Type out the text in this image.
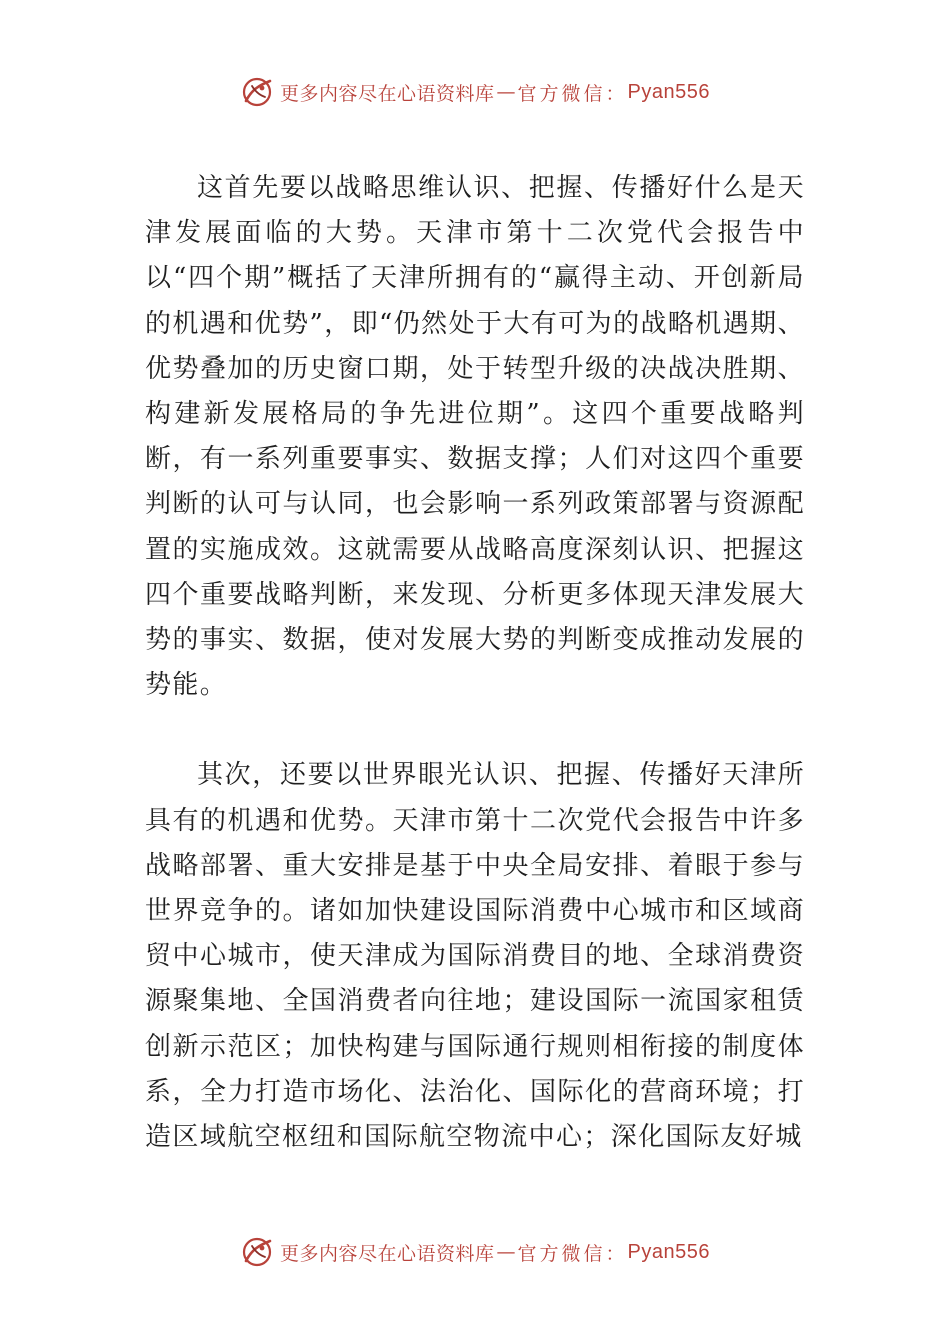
更多内容尽在心语资料库 — 官方微信： Pyan556

这首先要以战略思维认识、把握、传播好什么是天津发展面临的大势。天津市第十二次党代会报告中以“四个期”概括了天津所拥有的“赢得主动、开创新局的机遇和优势”，即“仍然处于大有可为的战略机遇期、优势叠加的历史窗口期，处于转型升级的决战决胜期、构建新发展格局的争先进位期”。这四个重要战略判断，有一系列重要事实、数据支撑；人们对这四个重要判断的认可与认同，也会影响一系列政策部署与资源配置的实施成效。这就需要从战略高度深刻认识、把握这四个重要战略判断，来发现、分析更多体现天津发展大势的事实、数据，使对发展大势的判断变成推动发展的势能。

其次，还要以世界眼光认识、把握、传播好天津所具有的机遇和优势。天津市第十二次党代会报告中许多战略部署、重大安排是基于中央全局安排、着眼于参与世界竞争的。诸如加快建设国际消费中心城市和区域商贸中心城市，使天津成为国际消费目的地、全球消费资源聚集地、全国消费者向往地；建设国际一流国家租赁创新示范区；加快构建与国际通行规则相衔接的制度体系，全力打造市场化、法治化、国际化的营商环境；打造区域航空枢纽和国际航空物流中心；深化国际友好城

更多内容尽在心语资料库 — 官方微信： Pyan556
